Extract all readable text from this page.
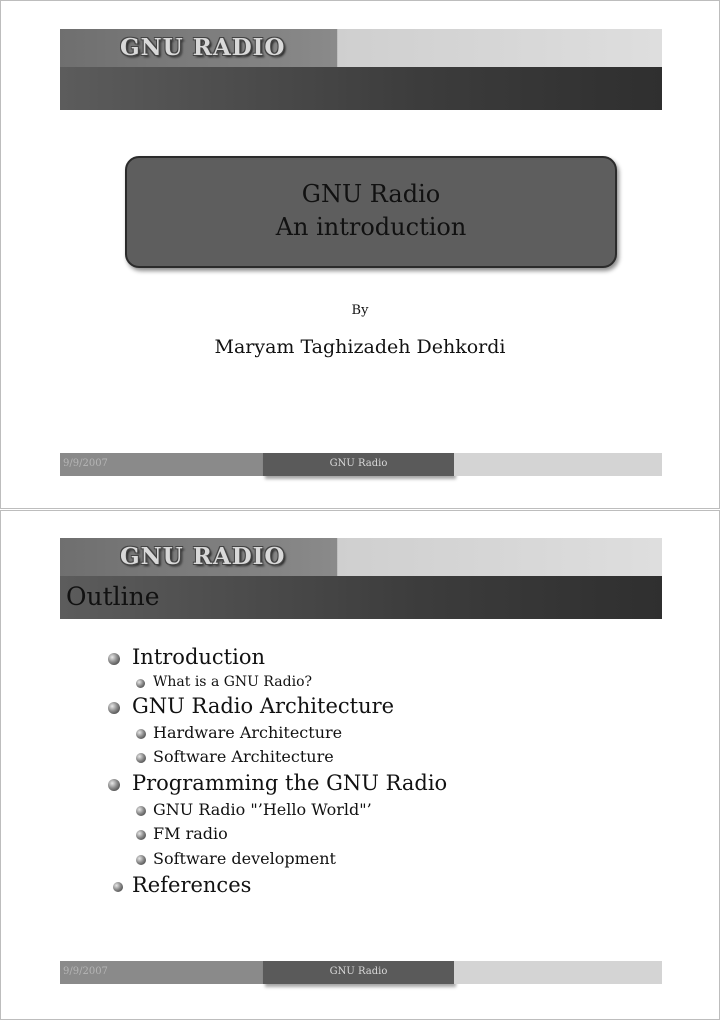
GNU RADIO
GNU Radio
An introduction
By
Maryam Taghizadeh Dehkordi
9/9/2007	GNU Radio
GNU RADIO
Outline
Introduction
What is a GNU Radio?
GNU Radio Architecture
Hardware Architecture
Software Architecture
Programming the GNU Radio
GNU Radio "’Hello World"’
FM radio
Software development
References
9/9/2007	GNU Radio
